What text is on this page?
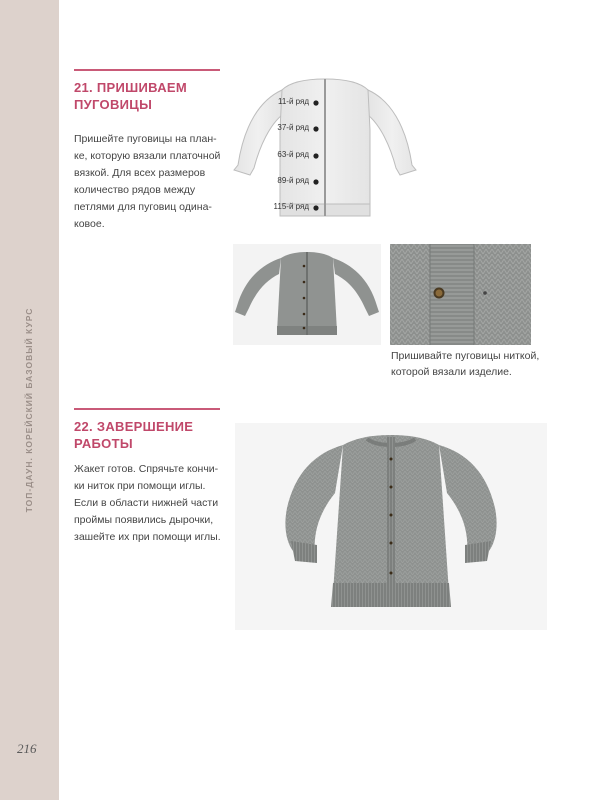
ТОП-ДАУН. КОРЕЙСКИЙ БАЗОВЫЙ КУРС
216
21. ПРИШИВАЕМ
ПУГОВИЦЫ
Пришейте пуговицы на план-
ке, которую вязали платочной
вязкой. Для всех размеров
количество рядов между
петлями для пуговиц одина-
ковое.
11-й ряд
37-й ряд
63-й ряд
89-й ряд
115-й ряд
Пришивайте пуговицы ниткой,
которой вязали изделие.
22. ЗАВЕРШЕНИЕ
РАБОТЫ
Жакет готов. Спрячьте кончи-
ки ниток при помощи иглы.
Если в области нижней части
проймы появились дырочки,
зашейте их при помощи иглы.
